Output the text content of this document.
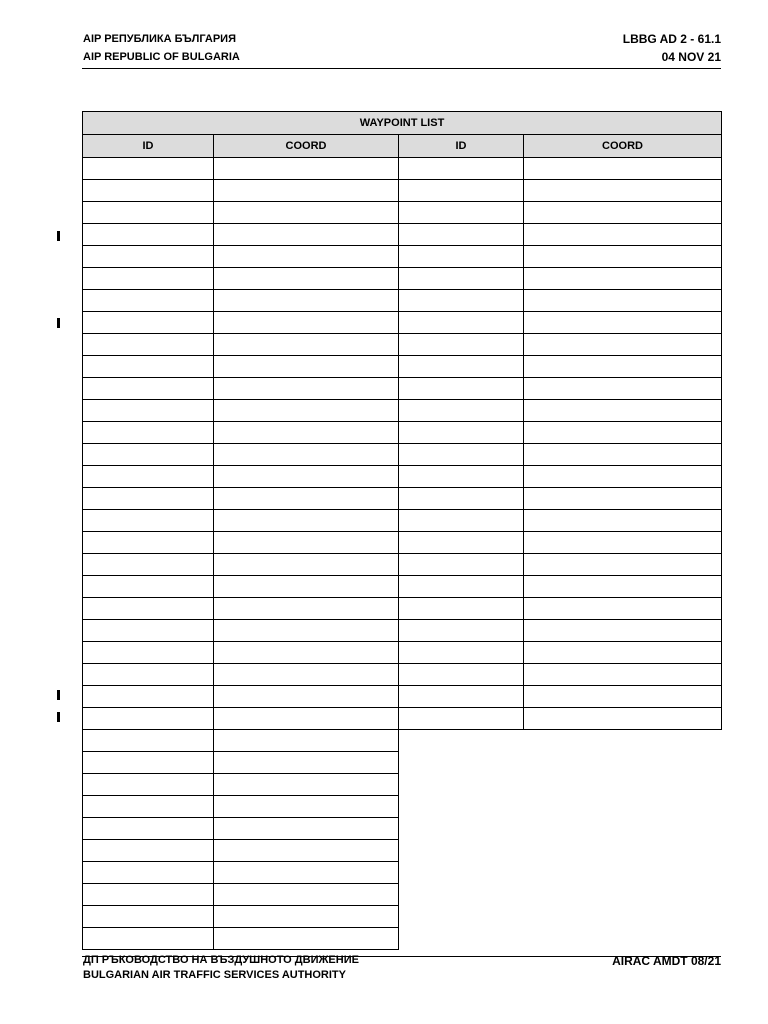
AIP РЕПУБЛИКА БЪЛГАРИЯ
AIP REPUBLIC OF BULGARIA
LBBG AD 2 - 61.1
04 NOV 21
WAYPOINT LIST			
ID	COORD	ID	COORD

ДП РЪКОВОДСТВО НА ВЪЗДУШНОТО ДВИЖЕНИЕ
BULGARIAN AIR TRAFFIC SERVICES AUTHORITY
AIRAC AMDT 08/21
